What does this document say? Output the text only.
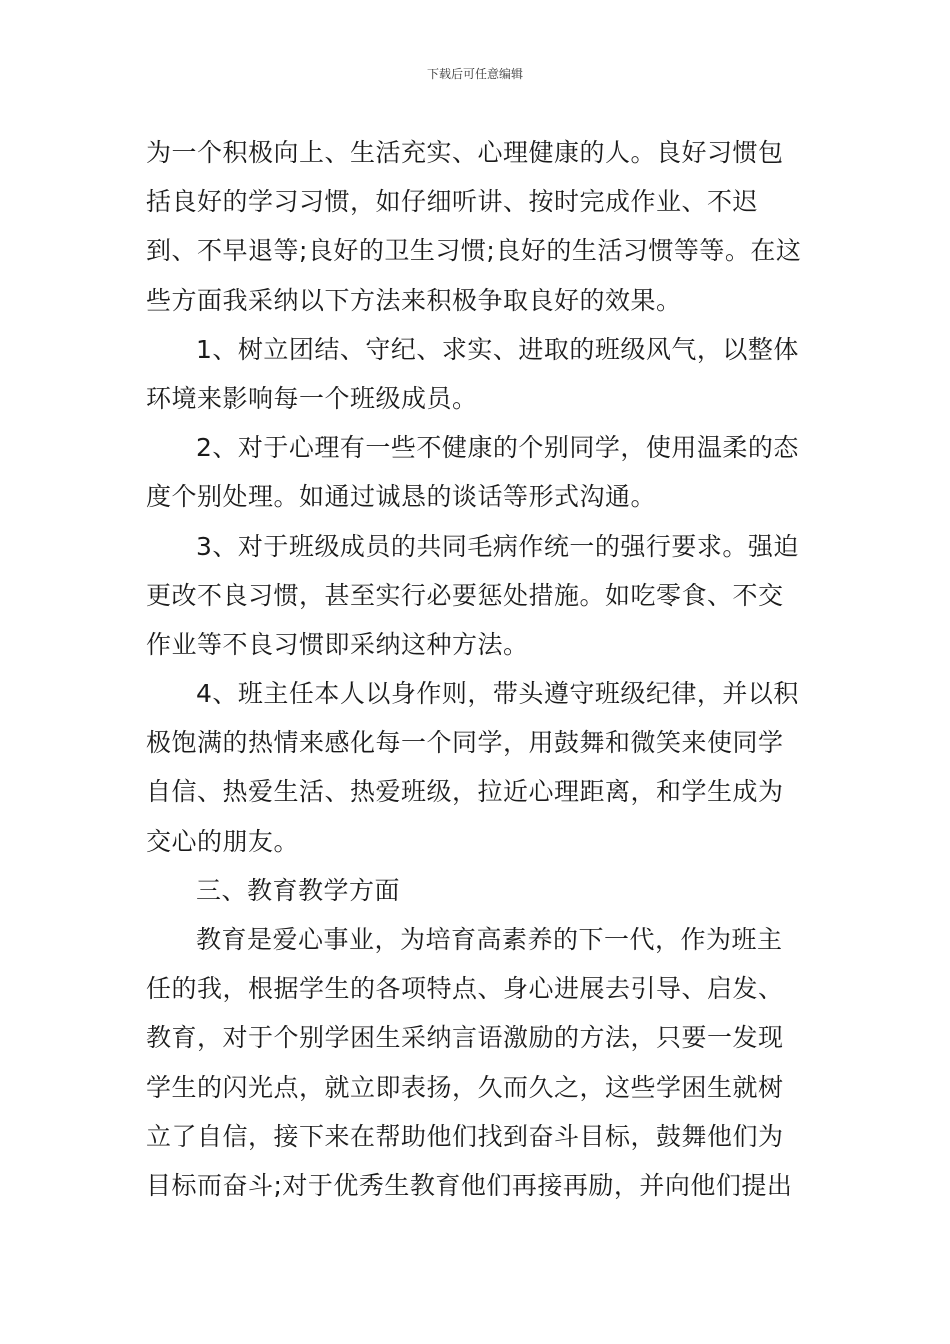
下载后可任意编辑
为一个积极向上、生活充实、心理健康的人。良好习惯包
括良好的学习习惯，如仔细听讲、按时完成作业、不迟
到、不早退等;良好的卫生习惯;良好的生活习惯等等。在这
些方面我采纳以下方法来积极争取良好的效果。
1、树立团结、守纪、求实、进取的班级风气，以整体
环境来影响每一个班级成员。
2、对于心理有一些不健康的个别同学，使用温柔的态
度个别处理。如通过诚恳的谈话等形式沟通。
3、对于班级成员的共同毛病作统一的强行要求。强迫
更改不良习惯，甚至实行必要惩处措施。如吃零食、不交
作业等不良习惯即采纳这种方法。
4、班主任本人以身作则，带头遵守班级纪律，并以积
极饱满的热情来感化每一个同学，用鼓舞和微笑来使同学
自信、热爱生活、热爱班级，拉近心理距离，和学生成为
交心的朋友。
三、教育教学方面
教育是爱心事业，为培育高素养的下一代，作为班主
任的我，根据学生的各项特点、身心进展去引导、启发、
教育，对于个别学困生采纳言语激励的方法，只要一发现
学生的闪光点，就立即表扬，久而久之，这些学困生就树
立了自信，接下来在帮助他们找到奋斗目标，鼓舞他们为
目标而奋斗;对于优秀生教育他们再接再励，并向他们提出
